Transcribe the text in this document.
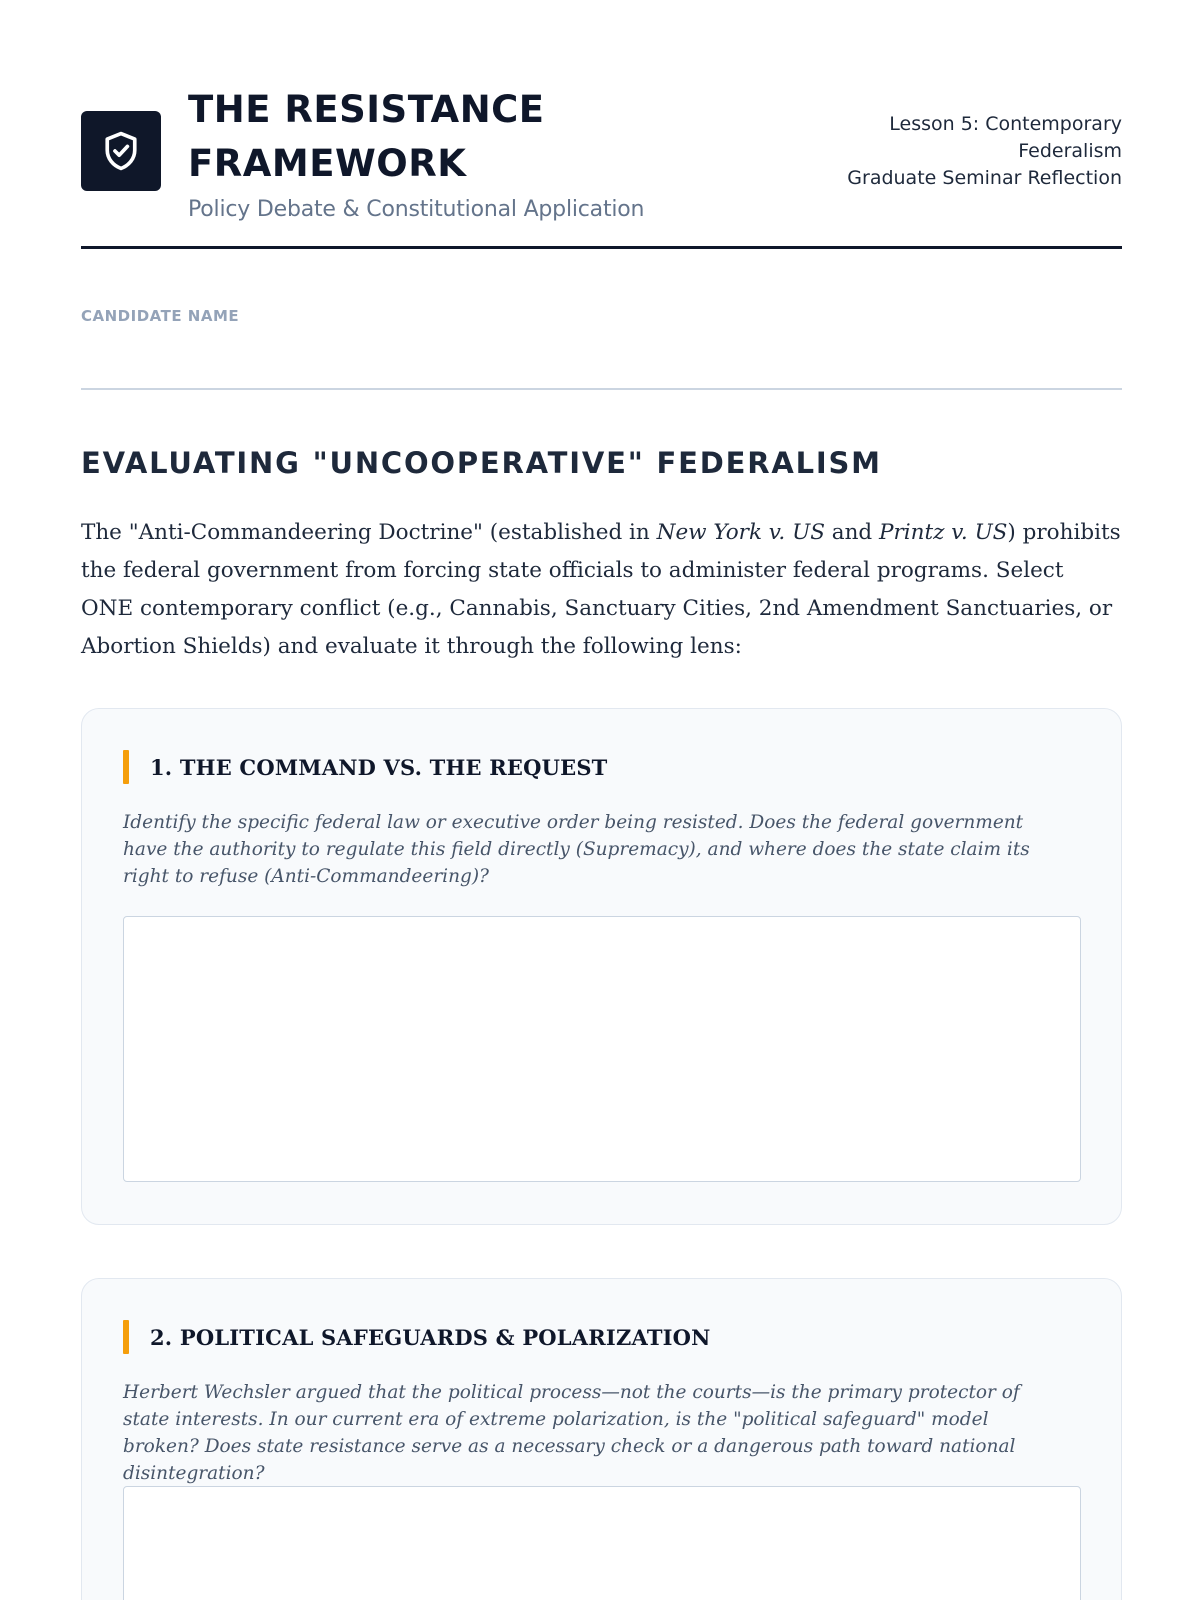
THE RESISTANCE FRAMEWORK
Policy Debate & Constitutional Application
Lesson 5: Contemporary
Federalism
Graduate Seminar Reflection
CANDIDATE NAME
EVALUATING "UNCOOPERATIVE" FEDERALISM

The "Anti-Commandeering Doctrine" (established in New York v. US and Printz v. US) prohibits the federal government from forcing state officials to administer federal programs. Select ONE contemporary conflict (e.g., Cannabis, Sanctuary Cities, 2nd Amendment Sanctuaries, or Abortion Shields) and evaluate it through the following lens:

1. THE COMMAND VS. THE REQUEST

Identify the specific federal law or executive order being resisted. Does the federal government have the authority to regulate this field directly (Supremacy), and where does the state claim its right to refuse (Anti-Commandeering)?

2. POLITICAL SAFEGUARDS & POLARIZATION

Herbert Wechsler argued that the political process—not the courts—is the primary protector of state interests. In our current era of extreme polarization, is the "political safeguard" model broken? Does state resistance serve as a necessary check or a dangerous path toward national disintegration?
